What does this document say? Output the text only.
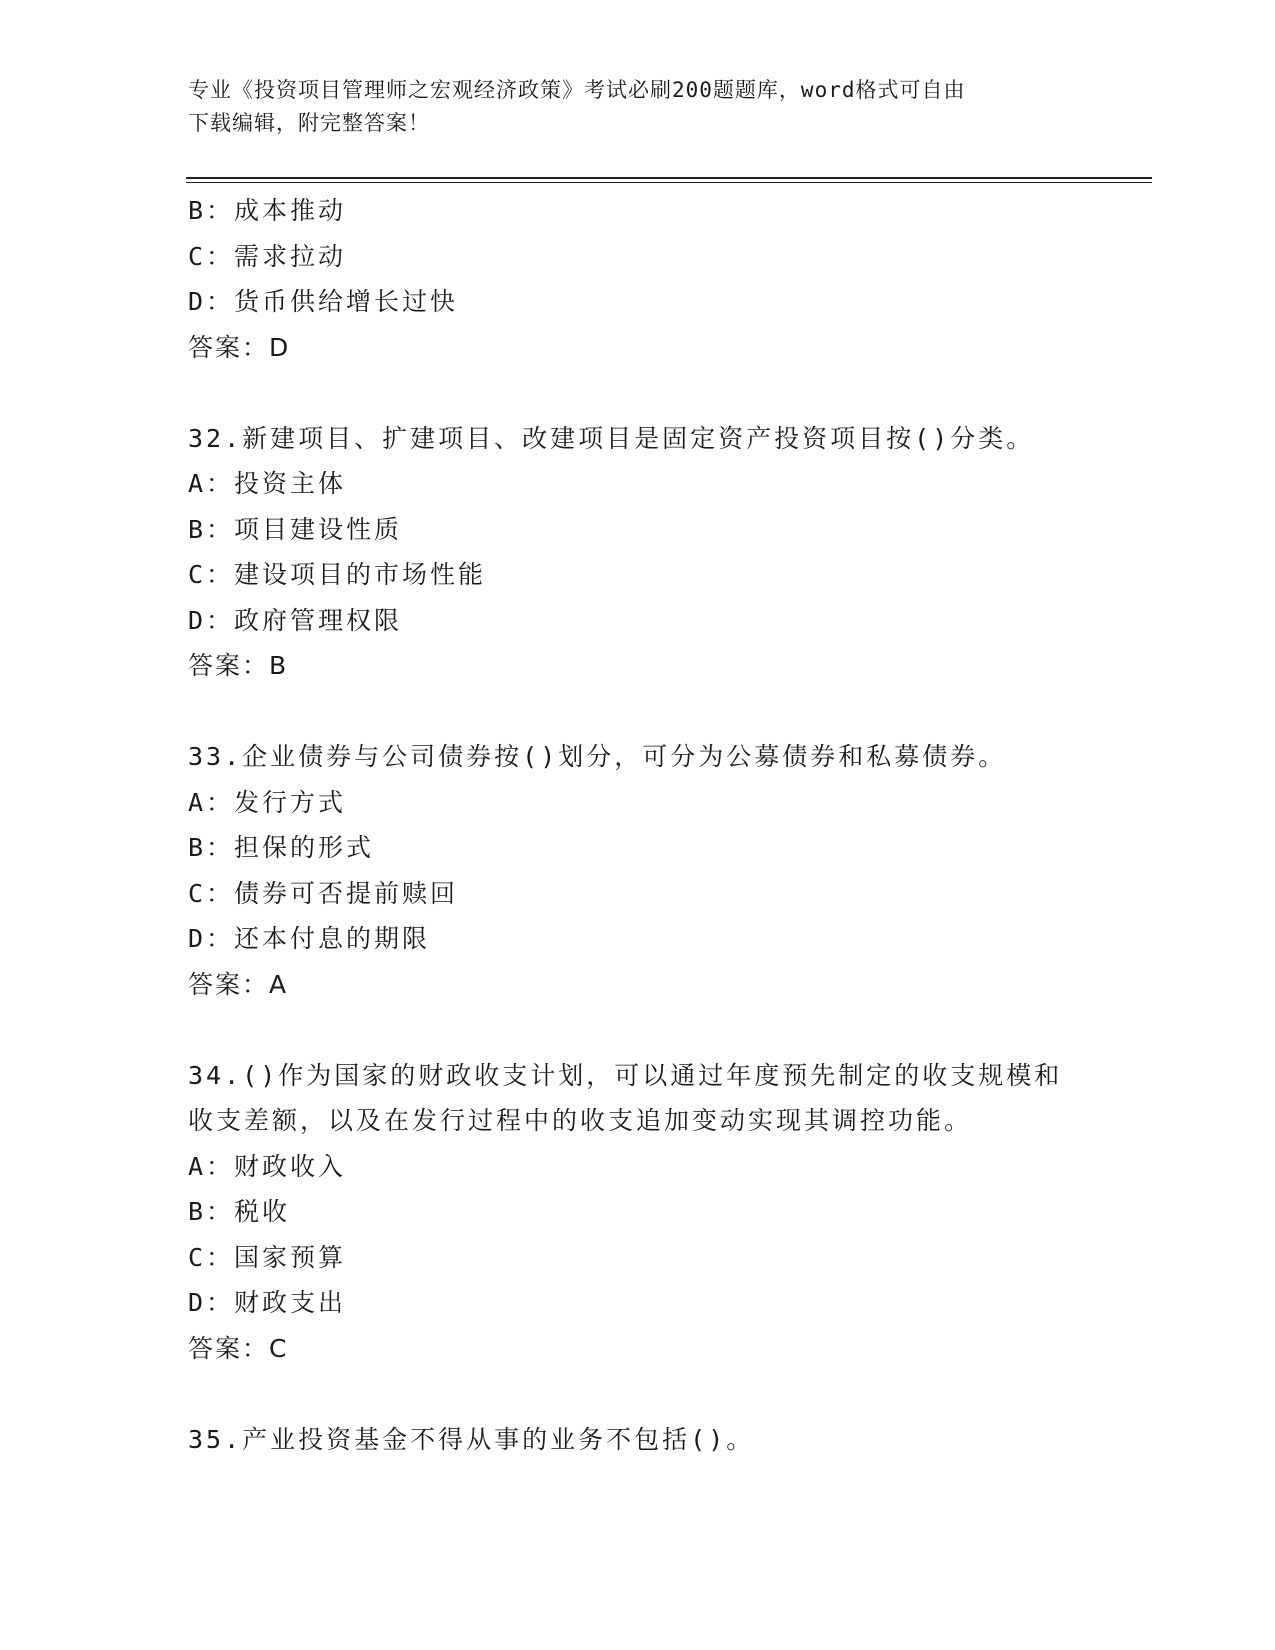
专业《投资项目管理师之宏观经济政策》考试必刷200题题库，word格式可自由
下载编辑，附完整答案！
B：成本推动
C：需求拉动
D：货币供给增长过快
答案：D
32.新建项目、扩建项目、改建项目是固定资产投资项目按()分类。
A：投资主体
B：项目建设性质
C：建设项目的市场性能
D：政府管理权限
答案：B
33.企业债券与公司债券按()划分，可分为公募债券和私募债券。
A：发行方式
B：担保的形式
C：债券可否提前赎回
D：还本付息的期限
答案：A
34.()作为国家的财政收支计划，可以通过年度预先制定的收支规模和收支差额，以及在发行过程中的收支追加变动实现其调控功能。
A：财政收入
B：税收
C：国家预算
D：财政支出
答案：C
35.产业投资基金不得从事的业务不包括()。
